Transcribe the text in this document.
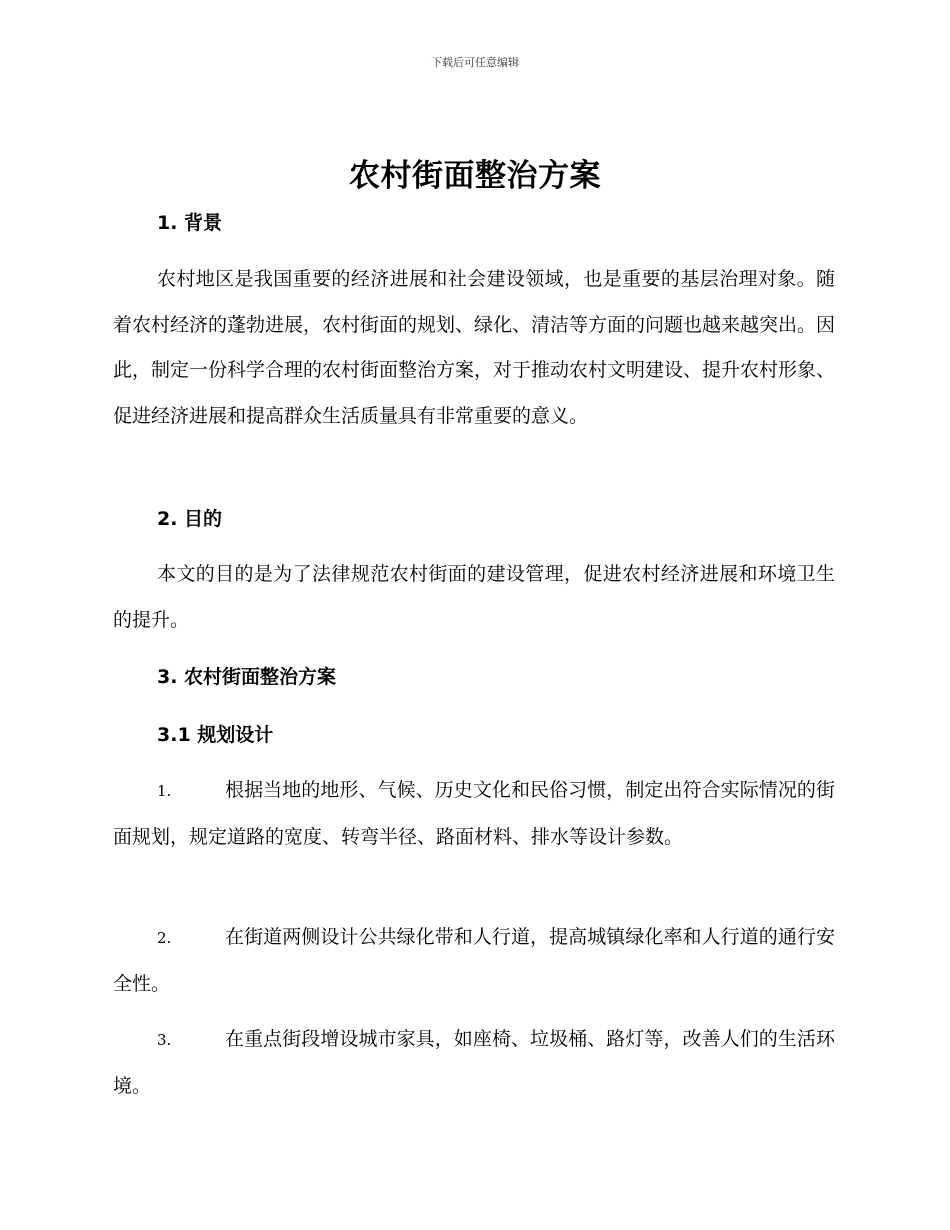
下载后可任意编辑
农村街面整治方案
1. 背景

农村地区是我国重要的经济进展和社会建设领域，也是重要的基层治理对象。随着农村经济的蓬勃进展，农村街面的规划、绿化、清洁等方面的问题也越来越突出。因此，制定一份科学合理的农村街面整治方案，对于推动农村文明建设、提升农村形象、促进经济进展和提高群众生活质量具有非常重要的意义。

2. 目的

本文的目的是为了法律规范农村街面的建设管理，促进农村经济进展和环境卫生的提升。

3. 农村街面整治方案
3.1 规划设计

1.	根据当地的地形、气候、历史文化和民俗习惯，制定出符合实际情况的街面规划，规定道路的宽度、转弯半径、路面材料、排水等设计参数。

2.	在街道两侧设计公共绿化带和人行道，提高城镇绿化率和人行道的通行安全性。

3.	在重点街段增设城市家具，如座椅、垃圾桶、路灯等，改善人们的生活环境。
